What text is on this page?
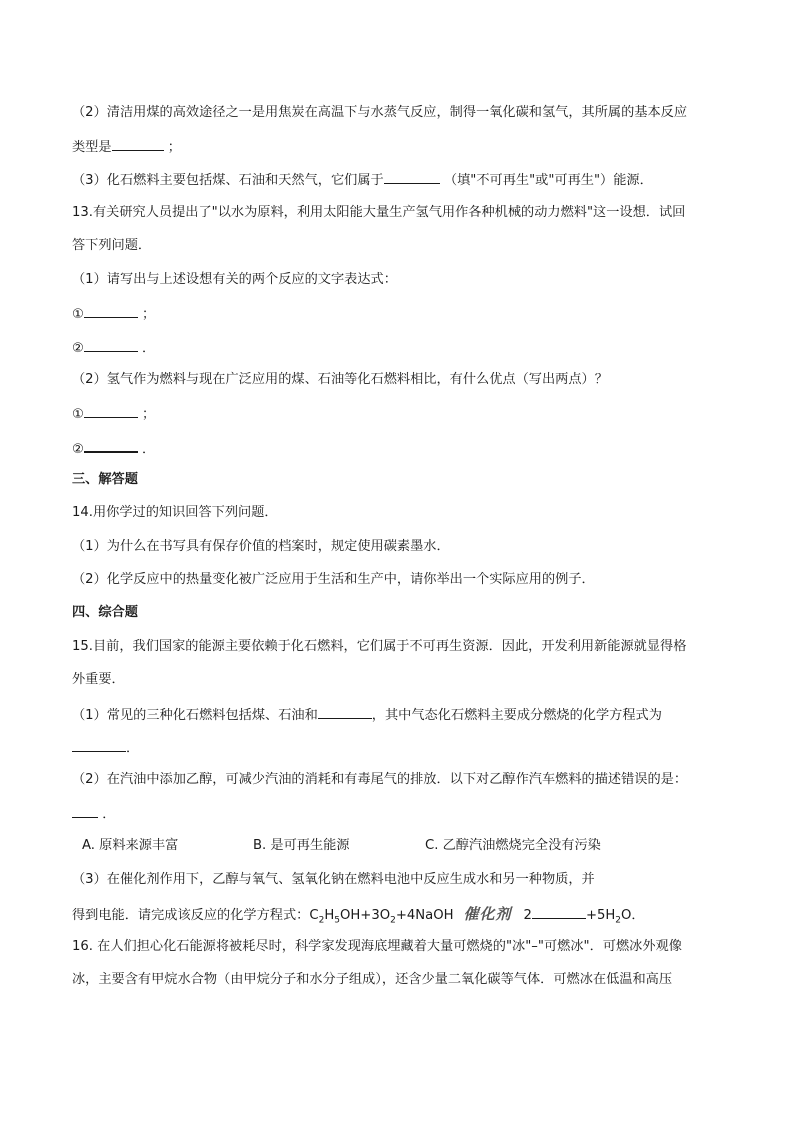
（2）清洁用煤的高效途径之一是用焦炭在高温下与水蒸气反应，制得一氧化碳和氢气，其所属的基本反应
类型是	；
（3）化石燃料主要包括煤、石油和天然气，它们属于	（填"不可再生"或"可再生"）能源．
13.有关研究人员提出了"以水为原料，利用太阳能大量生产氢气用作各种机械的动力燃料"这一设想．试回
答下列问题．
（1）请写出与上述设想有关的两个反应的文字表达式：
①	；
②	．
（2）氢气作为燃料与现在广泛应用的煤、石油等化石燃料相比，有什么优点（写出两点）？
①	；
②	．
三、解答题
14.用你学过的知识回答下列问题．
（1）为什么在书写具有保存价值的档案时，规定使用碳素墨水．
（2）化学反应中的热量变化被广泛应用于生活和生产中，请你举出一个实际应用的例子．
四、综合题
15.目前，我们国家的能源主要依赖于化石燃料，它们属于不可再生资源．因此，开发利用新能源就显得格
外重要．
（1）常见的三种化石燃料包括煤、石油和	，其中气态化石燃料主要成分燃烧的化学方程式为
．
（2）在汽油中添加乙醇，可减少汽油的消耗和有毒尾气的排放．以下对乙醇作汽车燃料的描述错误的是：
．
A. 原料来源丰富	B. 是可再生能源	C. 乙醇汽油燃烧完全没有污染
（3）在催化剂作用下，乙醇与氧气、氢氧化钠在燃料电池中反应生成水和另一种物质，并
得到电能．请完成该反应的化学方程式：$C_2H_5OH+3O_2+4NaOH$ 催化剂 2	$+5H_2O$．
16. 在人们担心化石能源将被耗尽时，科学家发现海底埋藏着大量可燃烧的"冰"–"可燃冰"．可燃冰外观像
冰，主要含有甲烷水合物（由甲烷分子和水分子组成），还含少量二氧化碳等气体．可燃冰在低温和高压
